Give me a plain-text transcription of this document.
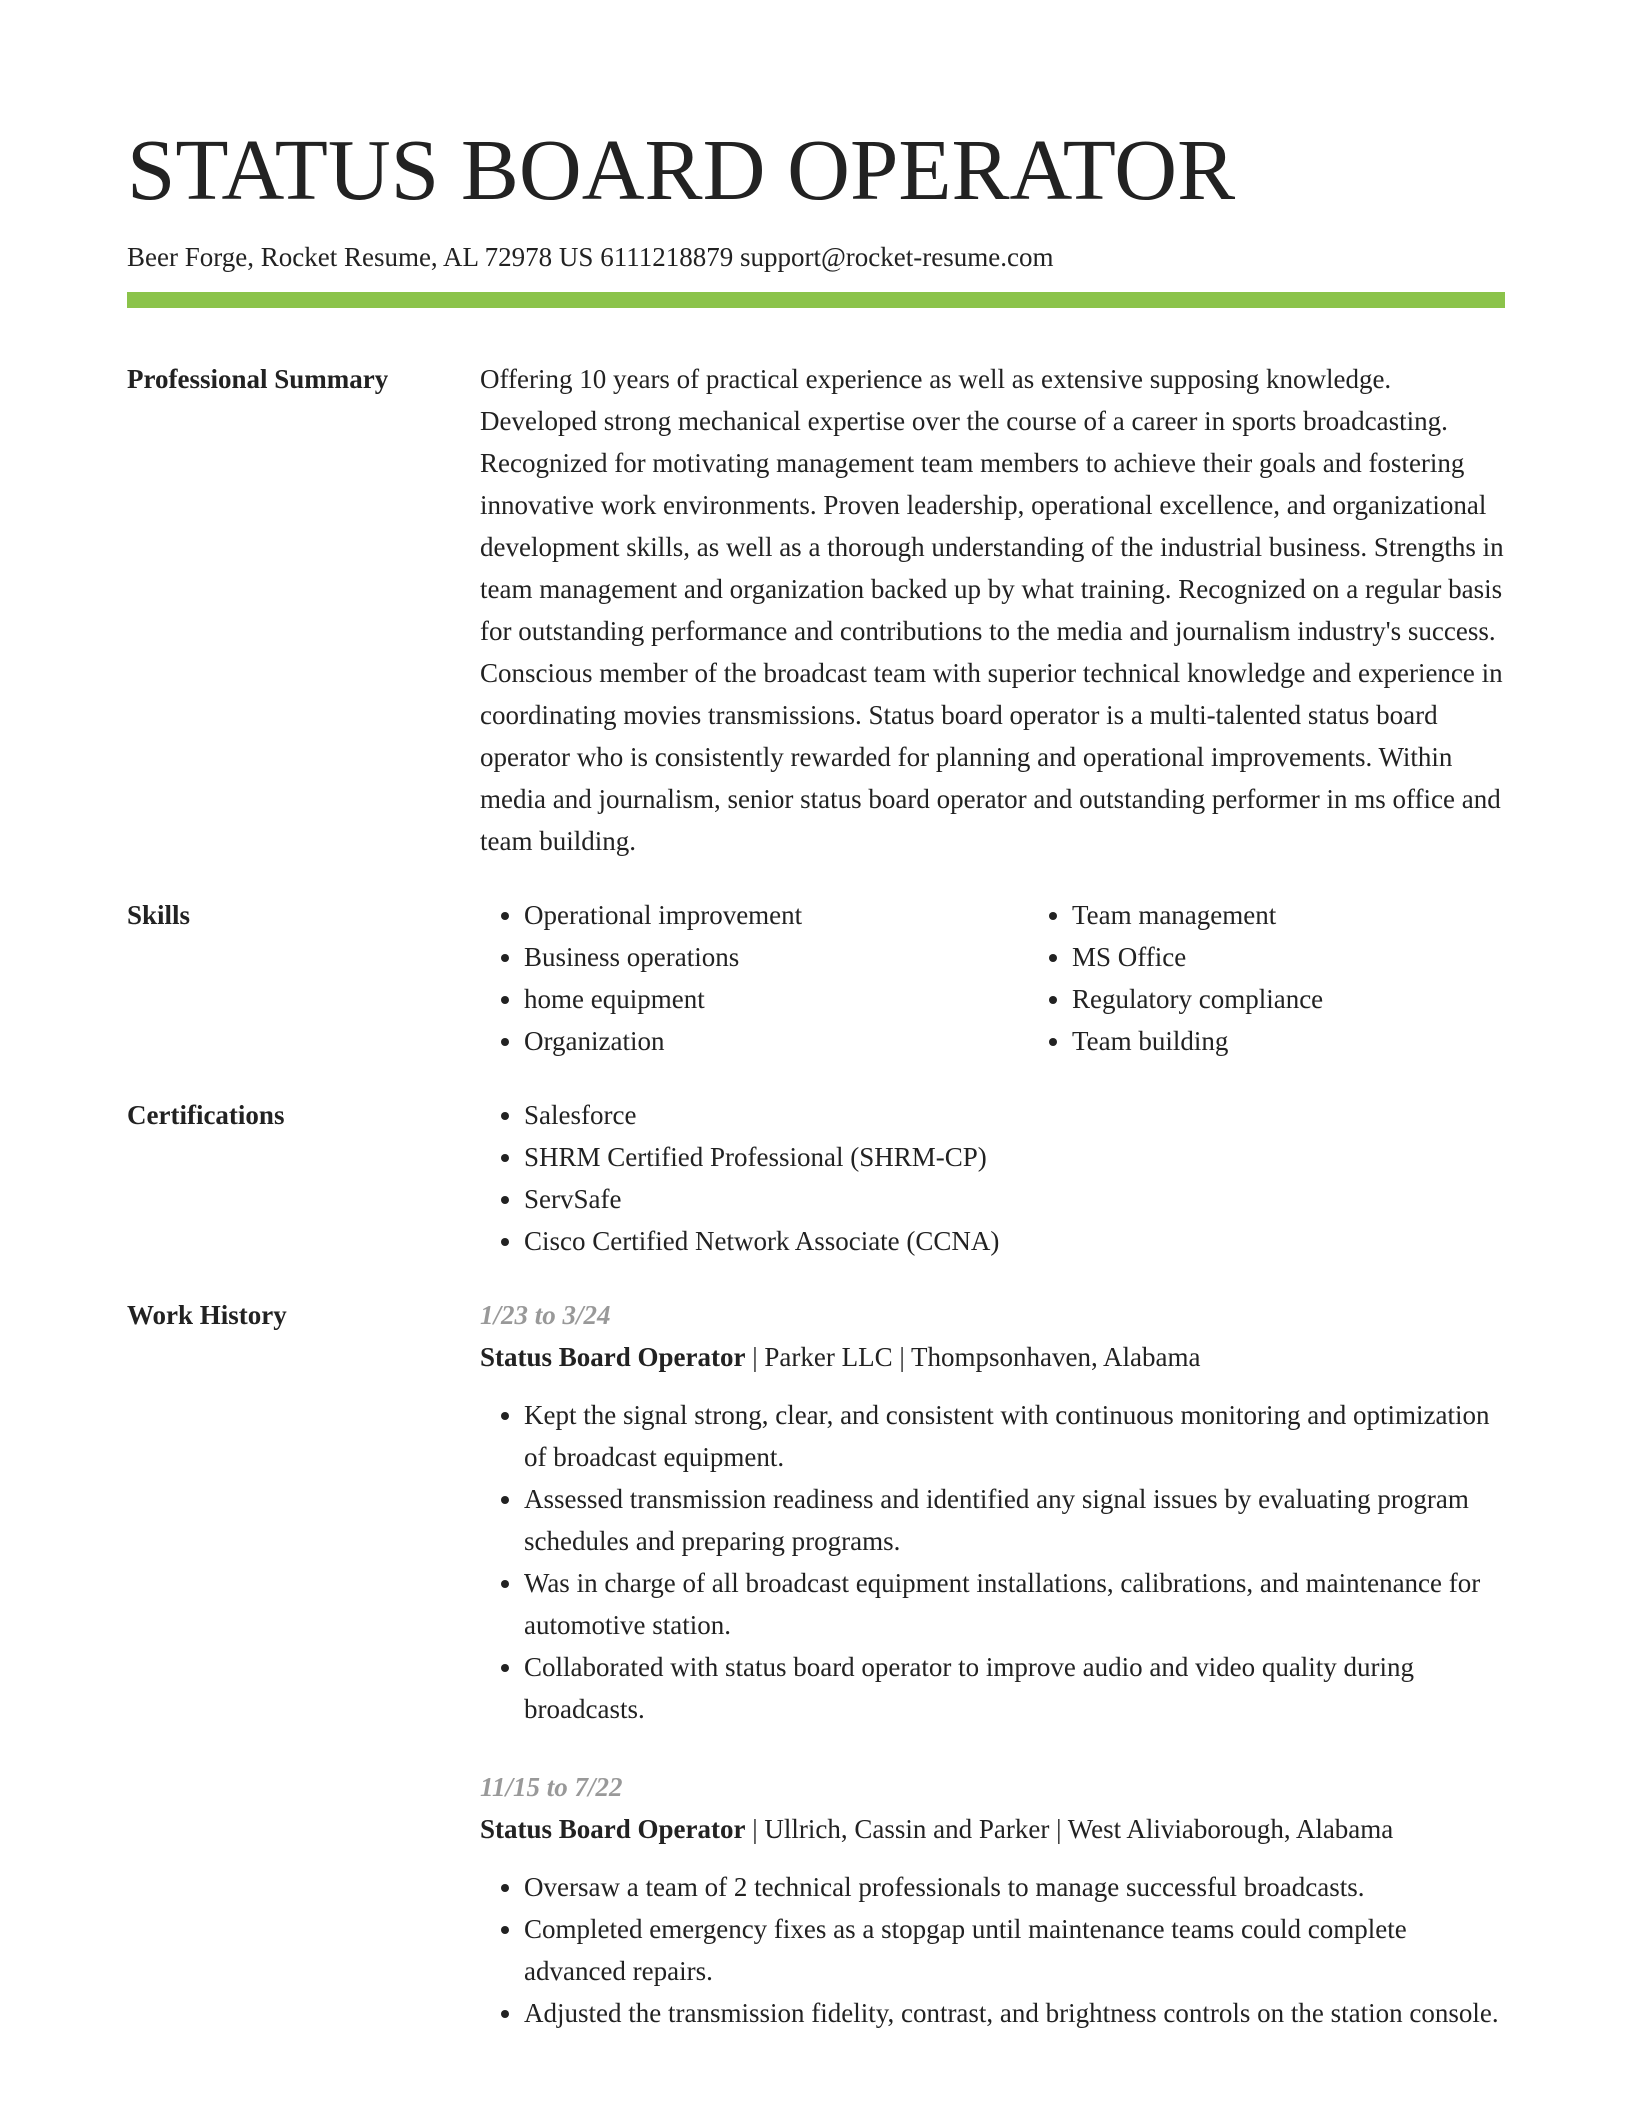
STATUS BOARD OPERATOR
Beer Forge, Rocket Resume, AL 72978 US 6111218879 support@rocket-resume.com
Professional Summary	Offering 10 years of practical experience as well as extensive supposing knowledge. Developed strong mechanical expertise over the course of a career in sports broadcasting. Recognized for motivating management team members to achieve their goals and fostering innovative work environments. Proven leadership, operational excellence, and organizational development skills, as well as a thorough understanding of the industrial business. Strengths in team management and organization backed up by what training. Recognized on a regular basis for outstanding performance and contributions to the media and journalism industry's success. Conscious member of the broadcast team with superior technical knowledge and experience in coordinating movies transmissions. Status board operator is a multi-talented status board operator who is consistently rewarded for planning and operational improvements. Within media and journalism, senior status board operator and outstanding performer in ms office and team building.
Skills	• Operational improvement
• Business operations
• home equipment
• Organization
• Team management
• MS Office
• Regulatory compliance
• Team building
Certifications	• Salesforce
• SHRM Certified Professional (SHRM-CP)
• ServSafe
• Cisco Certified Network Associate (CCNA)
Work History	1/23 to 3/24
Status Board Operator | Parker LLC | Thompsonhaven, Alabama
• Kept the signal strong, clear, and consistent with continuous monitoring and optimization of broadcast equipment.
• Assessed transmission readiness and identified any signal issues by evaluating program schedules and preparing programs.
• Was in charge of all broadcast equipment installations, calibrations, and maintenance for automotive station.
• Collaborated with status board operator to improve audio and video quality during broadcasts.
11/15 to 7/22
Status Board Operator | Ullrich, Cassin and Parker | West Aliviaborough, Alabama
• Oversaw a team of 2 technical professionals to manage successful broadcasts.
• Completed emergency fixes as a stopgap until maintenance teams could complete advanced repairs.
• Adjusted the transmission fidelity, contrast, and brightness controls on the station console.
